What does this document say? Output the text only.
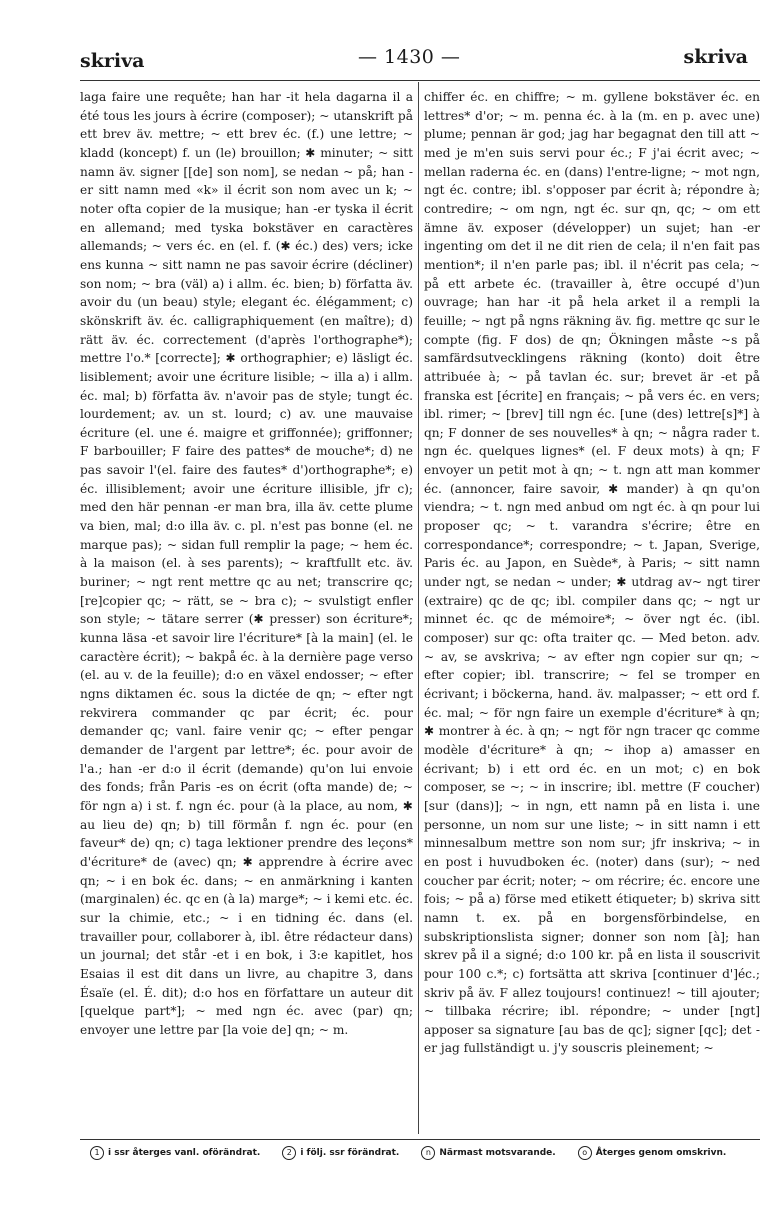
skriva	— 1430 —	skriva
laga faire une requête; han har -it hela dagarna il a été tous les jours à écrire (composer); ~ utanskrift på ett brev äv. mettre; ~ ett brev éc. (f.) une lettre; ~ kladd (koncept) f. un (le) brouillon; ✱ minuter; ~ sitt namn äv. signer [[de] son nom], se nedan ~ på; han -er sitt namn med «k» il écrit son nom avec un k; ~ noter ofta copier de la musique; han -er tyska il écrit en allemand; med tyska bokstäver en caractères allemands; ~ vers éc. en (el. f. (✱ éc.) des) vers; icke ens kunna ~ sitt namn ne pas savoir écrire (décliner) son nom; ~ bra (väl) a) i allm. éc. bien; b) författa äv. avoir du (un beau) style; elegant éc. élégamment; c) skönskrift äv. éc. calligraphiquement (en maître); d) rätt äv. éc. correctement (d'après l'orthographe*); mettre l'o.* [correcte]; ✱ orthographier; e) läsligt éc. lisiblement; avoir une écriture lisible; ~ illa a) i allm. éc. mal; b) författa äv. n'avoir pas de style; tungt éc. lourdement; av. un st. lourd; c) av. une mauvaise écriture (el. une é. maigre et griffonnée); griffonner; F barbouiller; F faire des pattes* de mouche*; d) ne pas savoir l'(el. faire des fautes* d')orthographe*; e) éc. illisiblement; avoir une écriture illisible, jfr c); med den här pennan -er man bra, illa äv. cette plume va bien, mal; d:o illa äv. c. pl. n'est pas bonne (el. ne marque pas); ~ sidan full remplir la page; ~ hem éc. à la maison (el. à ses parents); ~ kraftfullt etc. äv. buriner; ~ ngt rent mettre qc au net; transcrire qc; [re]copier qc; ~ rätt, se ~ bra c); ~ svulstigt enfler son style; ~ tätare serrer (✱ presser) son écriture*; kunna läsa -et savoir lire l'écriture* [à la main] (el. le caractère écrit); ~ bakpå éc. à la dernière page verso (el. au v. de la feuille); d:o en växel endosser; ~ efter ngns diktamen éc. sous la dictée de qn; ~ efter ngt rekvirera commander qc par écrit; éc. pour demander qc; vanl. faire venir qc; ~ efter pengar demander de l'argent par lettre*; éc. pour avoir de l'a.; han -er d:o il écrit (demande) qu'on lui envoie des fonds; från Paris -es on écrit (ofta mande) de; ~ för ngn a) i st. f. ngn éc. pour (à la place, au nom, ✱ au lieu de) qn; b) till förmån f. ngn éc. pour (en faveur* de) qn; c) taga lektioner prendre des leçons* d'écriture* de (avec) qn; ✱ apprendre à écrire avec qn; ~ i en bok éc. dans; ~ en anmärkning i kanten (marginalen) éc. qc en (à la) marge*; ~ i kemi etc. éc. sur la chimie, etc.; ~ i en tidning éc. dans (el. travailler pour, collaborer à, ibl. être rédacteur dans) un journal; det står -et i en bok, i 3:e kapitlet, hos Esaias il est dit dans un livre, au chapitre 3, dans Ésaïe (el. É. dit); d:o hos en författare un auteur dit [quelque part*]; ~ med ngn éc. avec (par) qn; envoyer une lettre par [la voie de] qn; ~ m.
chiffer éc. en chiffre; ~ m. gyllene bokstäver éc. en lettres* d'or; ~ m. penna éc. à la (m. en p. avec une) plume; pennan är god; jag har begagnat den till att ~ med je m'en suis servi pour éc.; F j'ai écrit avec; ~ mellan raderna éc. en (dans) l'entre-ligne; ~ mot ngn, ngt éc. contre; ibl. s'opposer par écrit à; répondre à; contredire; ~ om ngn, ngt éc. sur qn, qc; ~ om ett ämne äv. exposer (développer) un sujet; han -er ingenting om det il ne dit rien de cela; il n'en fait pas mention*; il n'en parle pas; ibl. il n'écrit pas cela; ~ på ett arbete éc. (travailler à, être occupé d')un ouvrage; han har -it på hela arket il a rempli la feuille; ~ ngt på ngns räkning äv. fig. mettre qc sur le compte (fig. F dos) de qn; Ökningen måste ~s på samfärdsutvecklingens räkning (konto) doit être attribuée à; ~ på tavlan éc. sur; brevet är -et på franska est [écrite] en français; ~ på vers éc. en vers; ibl. rimer; ~ [brev] till ngn éc. [une (des) lettre[s]*] à qn; F donner de ses nouvelles* à qn; ~ några rader t. ngn éc. quelques lignes* (el. F deux mots) à qn; F envoyer un petit mot à qn; ~ t. ngn att man kommer éc. (annoncer, faire savoir, ✱ mander) à qn qu'on viendra; ~ t. ngn med anbud om ngt éc. à qn pour lui proposer qc; ~ t. varandra s'écrire; être en correspondance*; correspondre; ~ t. Japan, Sverige, Paris éc. au Japon, en Suède*, à Paris; ~ sitt namn under ngt, se nedan ~ under; ✱ utdrag av~ ngt tirer (extraire) qc de qc; ibl. compiler dans qc; ~ ngt ur minnet éc. qc de mémoire*; ~ över ngt éc. (ibl. composer) sur qc: ofta traiter qc. — Med beton. adv. ~ av, se avskriva; ~ av efter ngn copier sur qn; ~ efter copier; ibl. transcrire; ~ fel se tromper en écrivant; i böckerna, hand. äv. malpasser; ~ ett ord f. éc. mal; ~ för ngn faire un exemple d'écriture* à qn; ✱ montrer à éc. à qn; ~ ngt för ngn tracer qc comme modèle d'écriture* à qn; ~ ihop a) amasser en écrivant; b) i ett ord éc. en un mot; c) en bok composer, se ~; ~ in inscrire; ibl. mettre (F coucher) [sur (dans)]; ~ in ngn, ett namn på en lista i. une personne, un nom sur une liste; ~ in sitt namn i ett minnesalbum mettre son nom sur; jfr inskriva; ~ in en post i huvudboken éc. (noter) dans (sur); ~ ned coucher par écrit; noter; ~ om récrire; éc. encore une fois; ~ på a) förse med etikett étiqueter; b) skriva sitt namn t. ex. på en borgensförbindelse, en subskriptionslista signer; donner son nom [à]; han skrev på il a signé; d:o 100 kr. på en lista il souscrivit pour 100 c.*; c) fortsätta att skriva [continuer d']éc.; skriv på äv. F allez toujours! continuez! ~ till ajouter; ~ tillbaka récrire; ibl. répondre; ~ under [ngt] apposer sa signature [au bas de qc]; signer [qc]; det -er jag fullständigt u. j'y souscris pleinement; ~
1 i ssr återges vanl. oförändrat.	2 i följ. ssr förändrat.	n Närmast motsvarande.	o Återges genom omskrivn.
